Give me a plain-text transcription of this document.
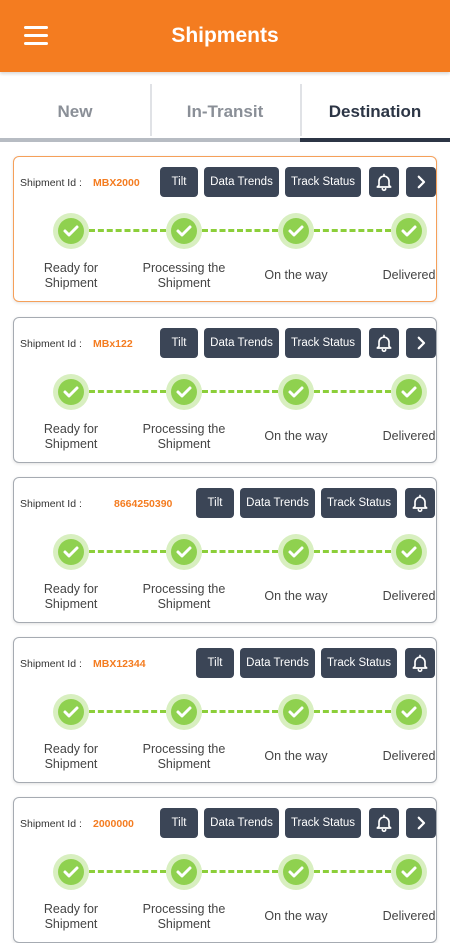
Shipments
New	In-Transit	Destination
Shipment Id : MBX2000	Tilt	Data Trends	Track Status
Ready for
Shipment
Processing the
Shipment
On the way	Delivered
Shipment Id : MBx122	Tilt	Data Trends	Track Status
Ready for
Shipment
Processing the
Shipment
On the way	Delivered
Shipment Id :	8664250390	Tilt	Data Trends	Track Status
Ready for
Shipment
Processing the
Shipment
On the way	Delivered
Shipment Id : MBX12344	Tilt	Data Trends	Track Status
Ready for
Shipment
Processing the
Shipment
On the way	Delivered
Shipment Id : 2000000	Tilt	Data Trends	Track Status
Ready for
Shipment
Processing the
Shipment
On the way	Delivered
